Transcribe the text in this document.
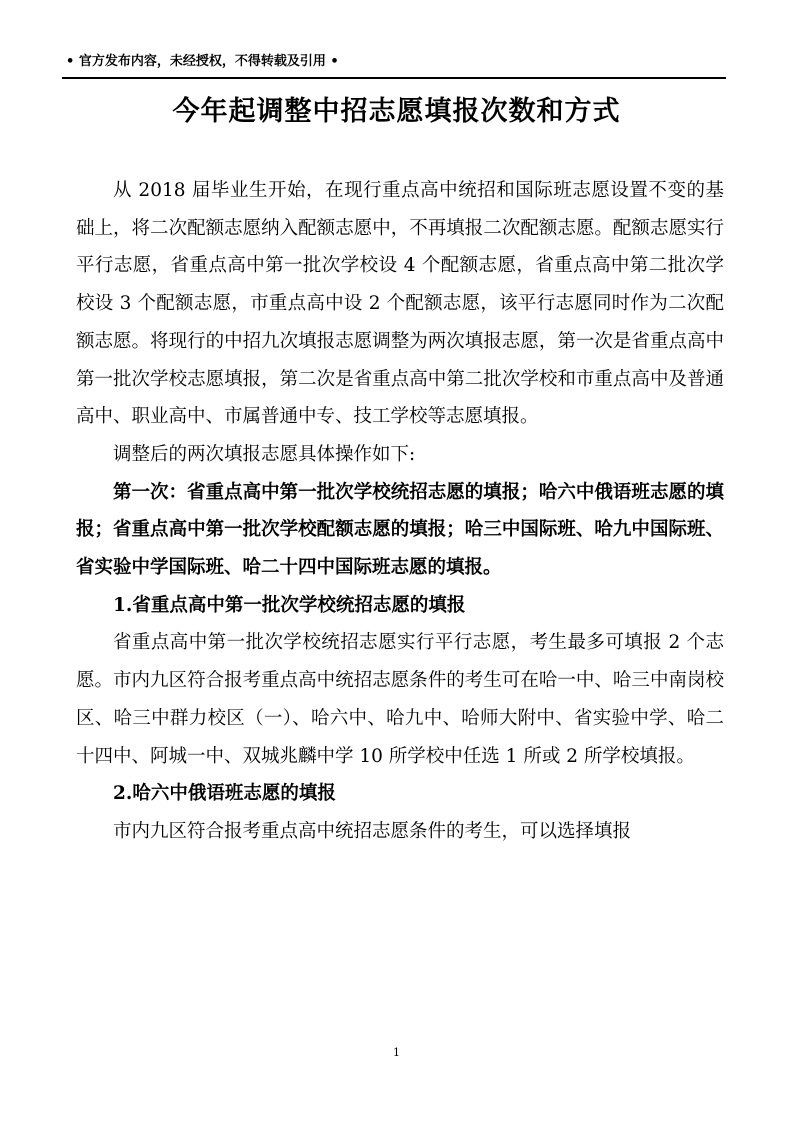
• 官方发布内容，未经授权，不得转载及引用 •
今年起调整中招志愿填报次数和方式

从 2018 届毕业生开始，在现行重点高中统招和国际班志愿设置不变的基础上，将二次配额志愿纳入配额志愿中，不再填报二次配额志愿。配额志愿实行平行志愿，省重点高中第一批次学校设 4 个配额志愿，省重点高中第二批次学校设 3 个配额志愿，市重点高中设 2 个配额志愿，该平行志愿同时作为二次配额志愿。将现行的中招九次填报志愿调整为两次填报志愿，第一次是省重点高中第一批次学校志愿填报，第二次是省重点高中第二批次学校和市重点高中及普通高中、职业高中、市属普通中专、技工学校等志愿填报。

调整后的两次填报志愿具体操作如下:

第一次：省重点高中第一批次学校统招志愿的填报；哈六中俄语班志愿的填报；省重点高中第一批次学校配额志愿的填报；哈三中国际班、哈九中国际班、省实验中学国际班、哈二十四中国际班志愿的填报。

1.省重点高中第一批次学校统招志愿的填报

省重点高中第一批次学校统招志愿实行平行志愿，考生最多可填报 2 个志愿。市内九区符合报考重点高中统招志愿条件的考生可在哈一中、哈三中南岗校区、哈三中群力校区（一）、哈六中、哈九中、哈师大附中、省实验中学、哈二十四中、阿城一中、双城兆麟中学 10 所学校中任选 1 所或 2 所学校填报。

2.哈六中俄语班志愿的填报

市内九区符合报考重点高中统招志愿条件的考生，可以选择填报

1
